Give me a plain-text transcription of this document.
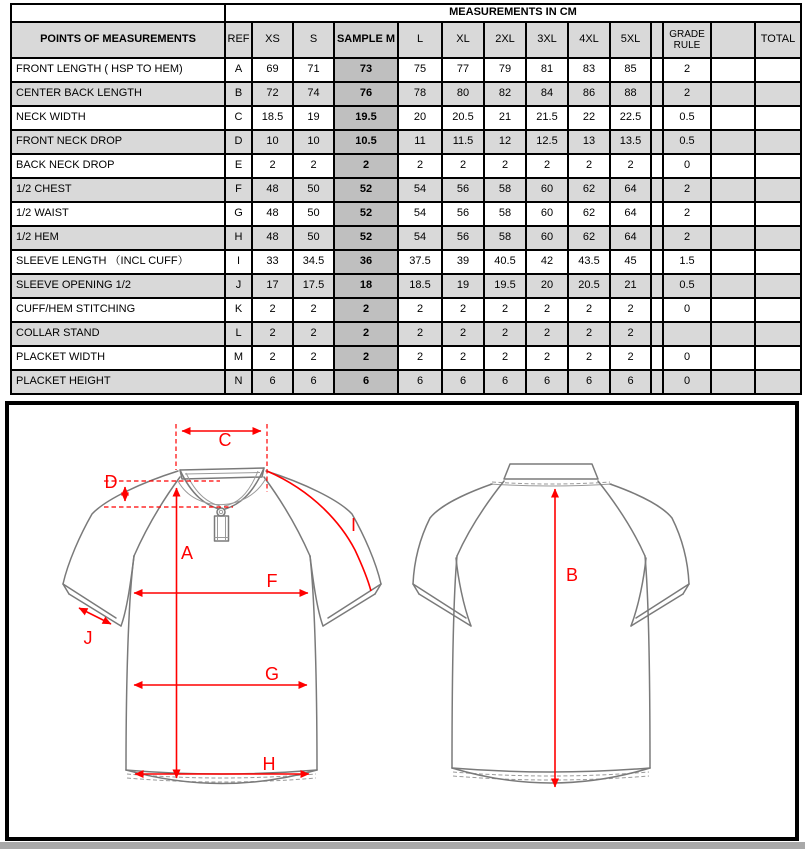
	MEASUREMENTS IN CM													
POINTS OF MEASUREMENTS	REF	XS	S	SAMPLE M	L	XL	2XL	3XL	4XL	5XL		GRADE RULE		TOTAL
FRONT LENGTH ( HSP TO HEM)	A	69	71	73	75	77	79	81	83	85		2		
CENTER BACK LENGTH	B	72	74	76	78	80	82	84	86	88		2		
NECK WIDTH	C	18.5	19	19.5	20	20.5	21	21.5	22	22.5		0.5		
FRONT NECK DROP	D	10	10	10.5	11	11.5	12	12.5	13	13.5		0.5		
BACK NECK DROP	E	2	2	2	2	2	2	2	2	2		0		
1/2 CHEST	F	48	50	52	54	56	58	60	62	64		2		
1/2 WAIST	G	48	50	52	54	56	58	60	62	64		2		
1/2 HEM	H	48	50	52	54	56	58	60	62	64		2		
SLEEVE LENGTH （INCL CUFF）	I	33	34.5	36	37.5	39	40.5	42	43.5	45		1.5		
SLEEVE OPENING 1/2	J	17	17.5	18	18.5	19	19.5	20	20.5	21		0.5		
CUFF/HEM STITCHING	K	2	2	2	2	2	2	2	2	2		0		
COLLAR STAND	L	2	2	2	2	2	2	2	2	2				
PLACKET WIDTH	M	2	2	2	2	2	2	2	2	2		0		
PLACKET HEIGHT	N	6	6	6	6	6	6	6	6	6		0		
C
D
A
I
F
G
H
J
B
